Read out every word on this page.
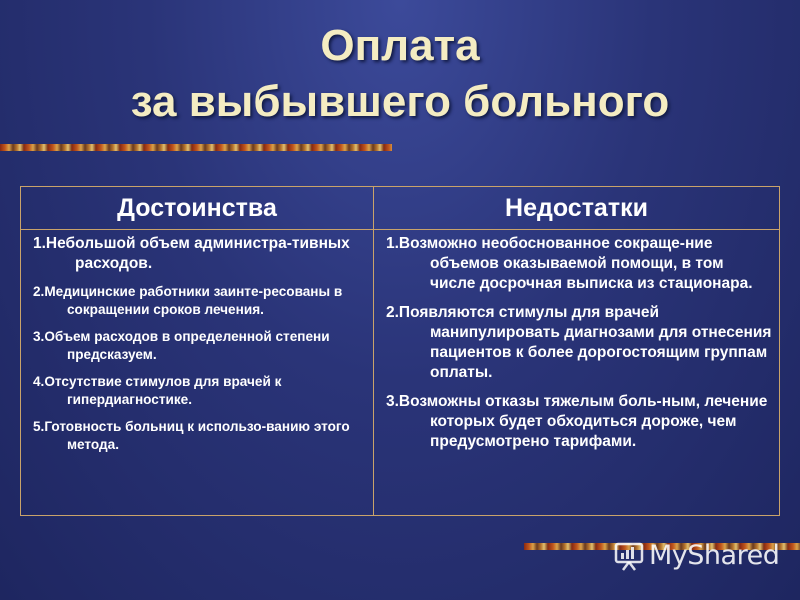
Оплата
за выбывшего больного
Достоинства
1.Небольшой объем администра-тивных расходов.
2.Медицинские работники заинте-ресованы в сокращении сроков лечения.
3.Объем расходов в определенной степени предсказуем.
4.Отсутствие стимулов для врачей к гипердиагностике.
5.Готовность больниц к использо-ванию этого метода.
Недостатки
1.Возможно необоснованное сокраще-ние объемов оказываемой помощи, в том числе досрочная выписка из стационара.
2.Появляются стимулы для врачей манипулировать диагнозами для отнесения пациентов к более дорогостоящим группам оплаты.
3.Возможны отказы тяжелым боль-ным, лечение которых будет обходиться дороже, чем предусмотрено тарифами.
MyShared
